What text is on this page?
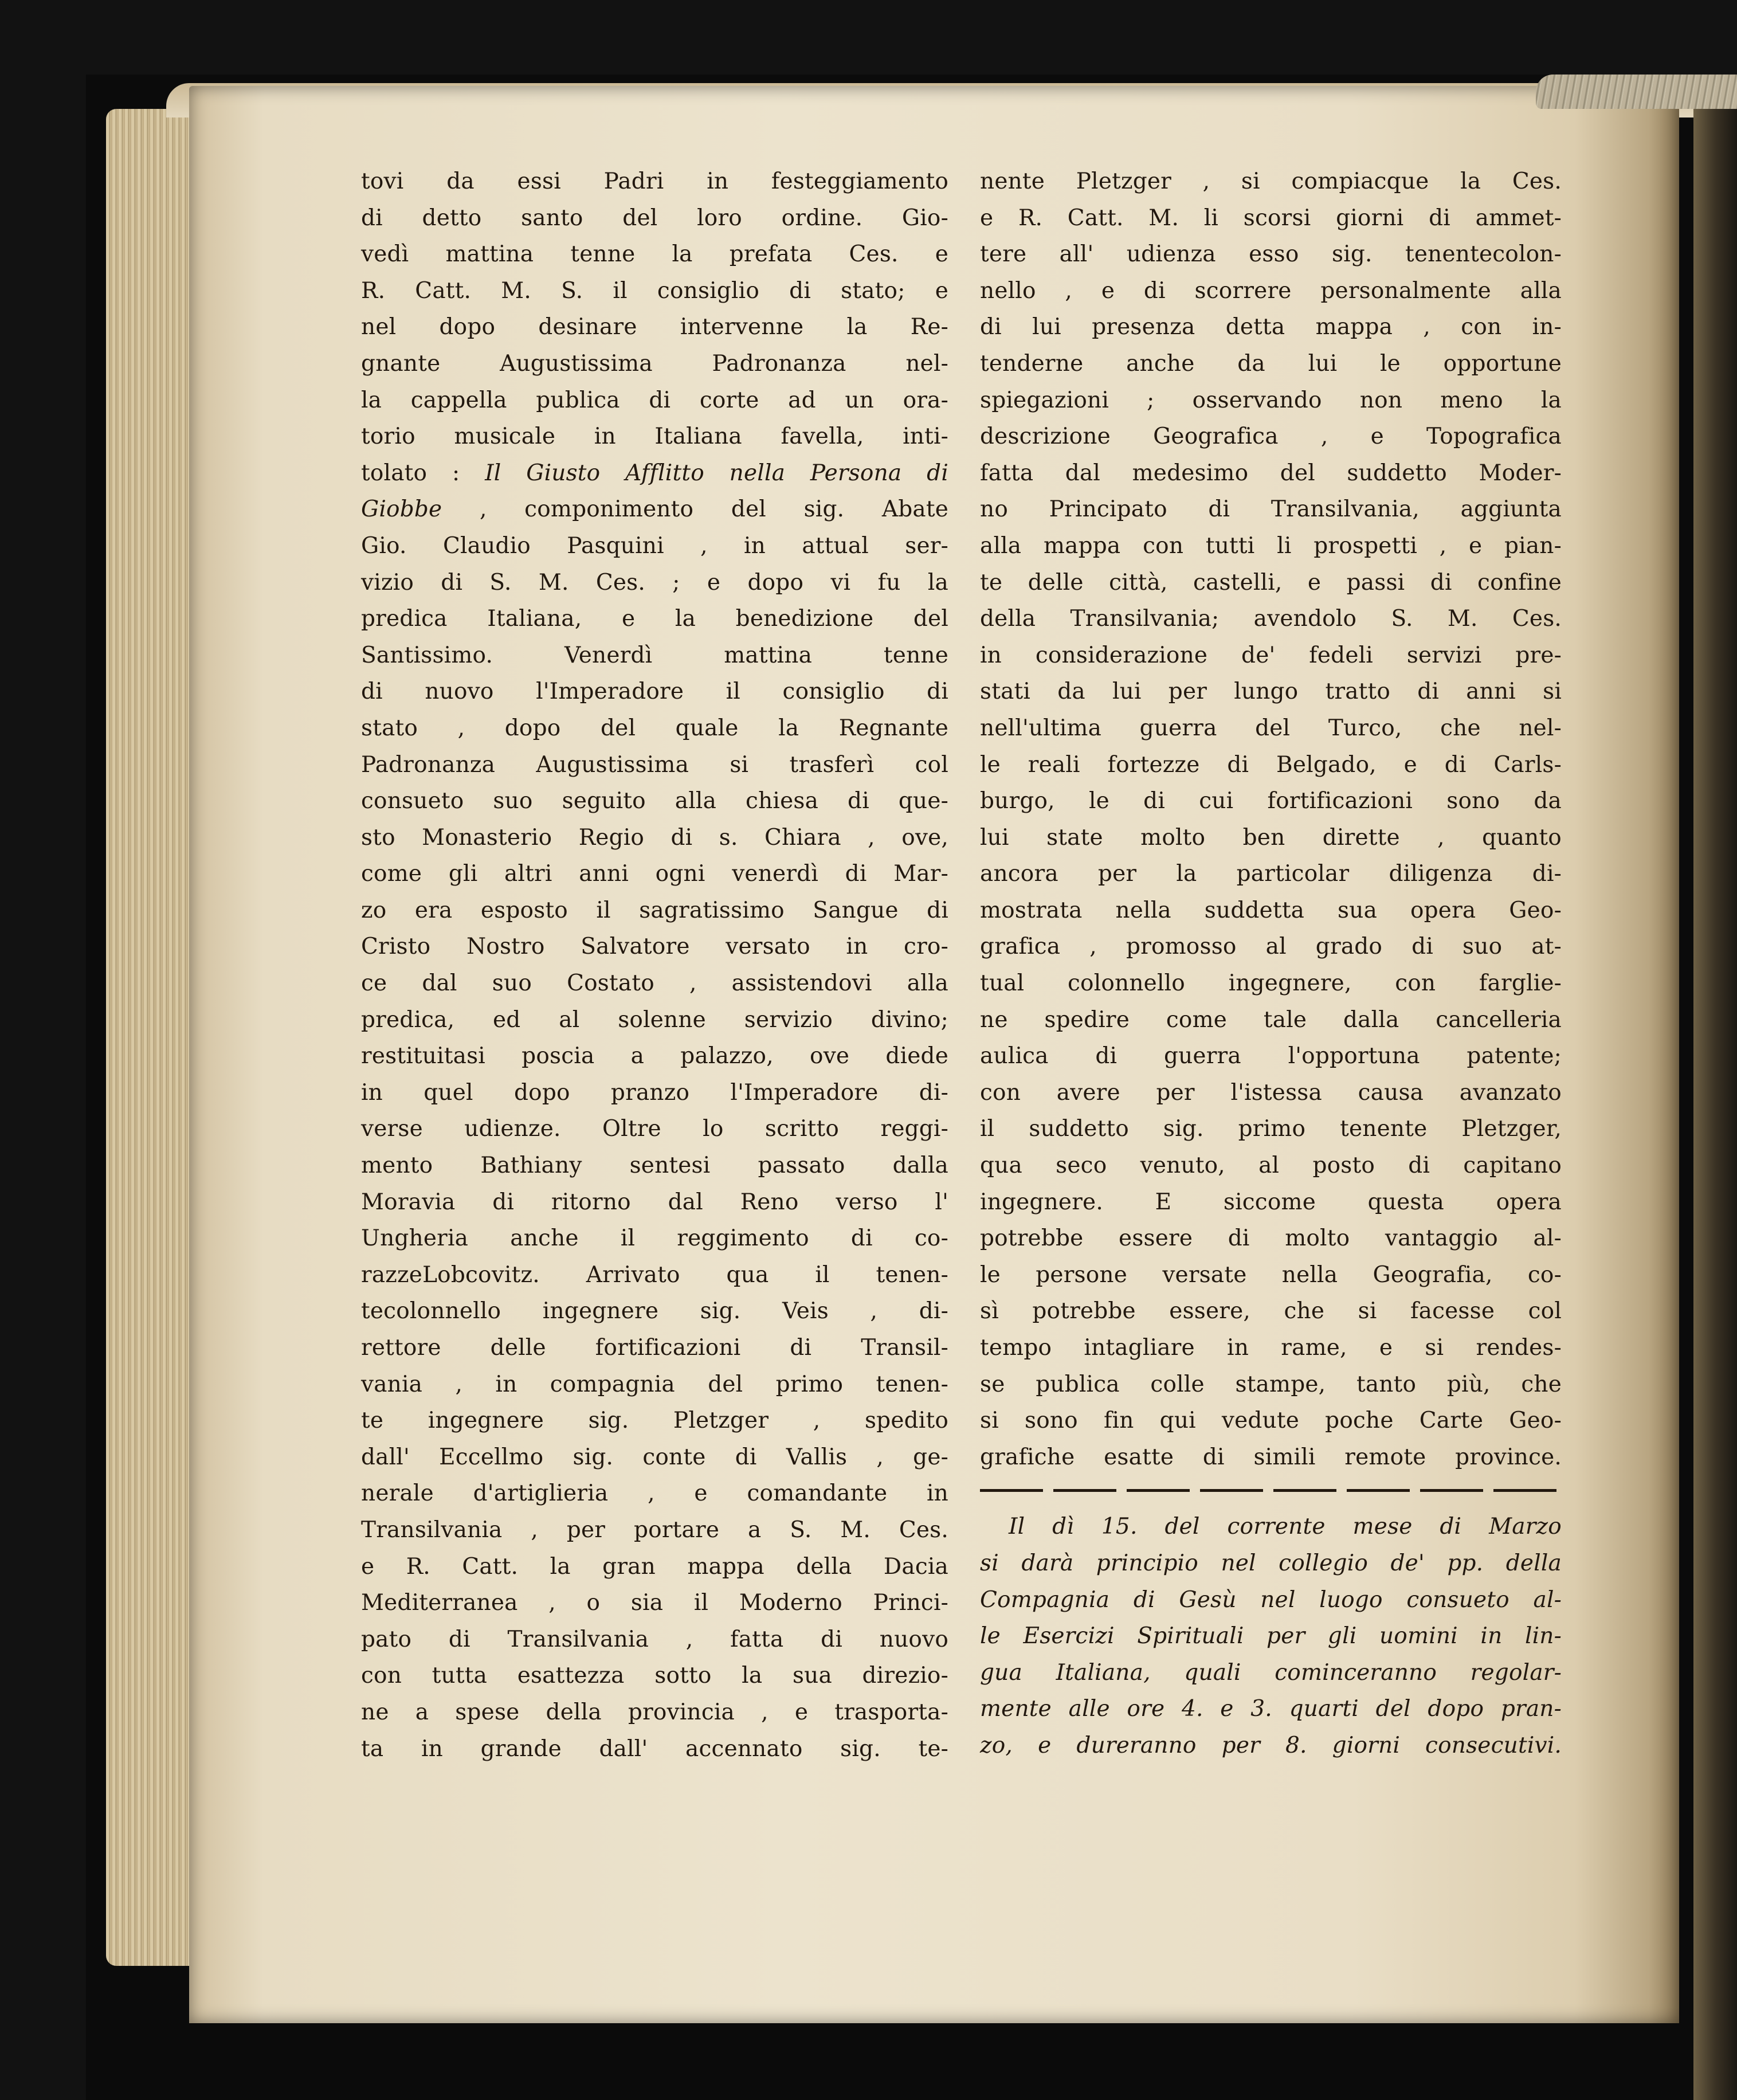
tovi da essi Padri in festeggiamento
di detto santo del loro ordine. Gio-
vedì mattina tenne la prefata Ces. e
R. Catt. M. S. il consiglio di stato; e
nel dopo desinare intervenne la Re-
gnante Augustissima Padronanza nel-
la cappella publica di corte ad un ora-
torio musicale in Italiana favella, inti-
tolato : Il Giusto Afflitto nella Persona di
Giobbe , componimento del sig. Abate
Gio. Claudio Pasquini , in attual ser-
vizio di S. M. Ces. ; e dopo vi fu la
predica Italiana, e la benedizione del
Santissimo. Venerdì mattina tenne
di nuovo l'Imperadore il consiglio di
stato , dopo del quale la Regnante
Padronanza Augustissima si trasferì col
consueto suo seguito alla chiesa di que-
sto Monasterio Regio di s. Chiara , ove,
come gli altri anni ogni venerdì di Mar-
zo era esposto il sagratissimo Sangue di
Cristo Nostro Salvatore versato in cro-
ce dal suo Costato , assistendovi alla
predica, ed al solenne servizio divino;
restituitasi poscia a palazzo, ove diede
in quel dopo pranzo l'Imperadore di-
verse udienze. Oltre lo scritto reggi-
mento Bathiany sentesi passato dalla
Moravia di ritorno dal Reno verso l'
Ungheria anche il reggimento di co-
razzeLobcovitz. Arrivato qua il tenen-
tecolonnello ingegnere sig. Veis , di-
rettore delle fortificazioni di Transil-
vania , in compagnia del primo tenen-
te ingegnere sig. Pletzger , spedito
dall' Eccellmo sig. conte di Vallis , ge-
nerale d'artiglieria , e comandante in
Transilvania , per portare a S. M. Ces.
e R. Catt. la gran mappa della Dacia
Mediterranea , o sia il Moderno Princi-
pato di Transilvania , fatta di nuovo
con tutta esattezza sotto la sua direzio-
ne a spese della provincia , e trasporta-
ta in grande dall' accennato sig. te-
nente Pletzger , si compiacque la Ces.
e R. Catt. M. li scorsi giorni di ammet-
tere all' udienza esso sig. tenentecolon-
nello , e di scorrere personalmente alla
di lui presenza detta mappa , con in-
tenderne anche da lui le opportune
spiegazioni ; osservando non meno la
descrizione Geografica , e Topografica
fatta dal medesimo del suddetto Moder-
no Principato di Transilvania, aggiunta
alla mappa con tutti li prospetti , e pian-
te delle città, castelli, e passi di confine
della Transilvania; avendolo S. M. Ces.
in considerazione de' fedeli servizi pre-
stati da lui per lungo tratto di anni si
nell'ultima guerra del Turco, che nel-
le reali fortezze di Belgado, e di Carls-
burgo, le di cui fortificazioni sono da
lui state molto ben dirette , quanto
ancora per la particolar diligenza di-
mostrata nella suddetta sua opera Geo-
grafica , promosso al grado di suo at-
tual colonnello ingegnere, con farglie-
ne spedire come tale dalla cancelleria
aulica di guerra l'opportuna patente;
con avere per l'istessa causa avanzato
il suddetto sig. primo tenente Pletzger,
qua seco venuto, al posto di capitano
ingegnere. E siccome questa opera
potrebbe essere di molto vantaggio al-
le persone versate nella Geografia, co-
sì potrebbe essere, che si facesse col
tempo intagliare in rame, e si rendes-
se publica colle stampe, tanto più, che
si sono fin qui vedute poche Carte Geo-
grafiche esatte di simili remote province.
Il dì 15. del corrente mese di Marzo
si darà principio nel collegio de' pp. della
Compagnia di Gesù nel luogo consueto al-
le Esercizi Spirituali per gli uomini in lin-
gua Italiana, quali cominceranno regolar-
mente alle ore 4. e 3. quarti del dopo pran-
zo, e dureranno per 8. giorni consecutivi.
